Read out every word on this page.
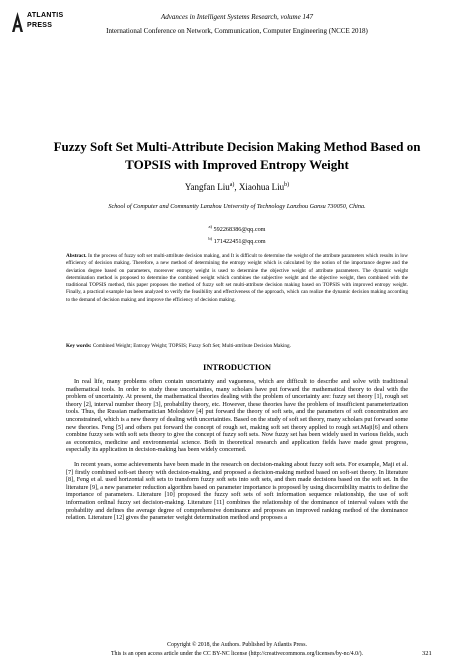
ATLANTIS
PRESS
Advances in Intelligent Systems Research, volume 147
International Conference on Network, Communication, Computer Engineering (NCCE 2018)
Fuzzy Soft Set Multi-Attribute Decision Making Method Based on TOPSIS with Improved Entropy Weight
Yangfan Liu$^{a)}$, Xiaohua Liu$^{b)}$
School of Computer and Community Lanzhou University of Technology Lanzhou Gansu 730050, China.
$^{a)}$ 592268386@qq.com
$^{b)}$ 171422451@qq.com
Abstract. In the process of fuzzy soft set multi-attribute decision making, and It is difficult to determine the weight of the attribute parameters which results in low efficiency of decision making. Therefore, a new method of determining the entropy weight which is calculated by the notion of the importance degree and the deviation degree based on parameters, moreover entropy weight is used to determine the objective weight of attribute parameters. The dynamic weight determination method is proposed to determine the combined weight which combines the subjective weight and the objective weight, then combined with the traditional TOPSIS method, this paper proposes the method of fuzzy soft set multi-attribute decision making based on TOPSIS with improved entropy weight. Finally, a practical example has been analyzed to verify the feasibility and effectiveness of the approach, which can realize the dynamic decision making according to the demand of decision making and improve the efficiency of decision making.
Key words: Combined Weight; Entropy Weight; TOPSIS; Fuzzy Soft Set; Multi-attribute Decision Making.
INTRODUCTION

In real life, many problems often contain uncertainty and vagueness, which are difficult to describe and solve with traditional mathematical tools. In order to study these uncertainties, many scholars have put forward the mathematical theory to deal with the problem of uncertainty. At present, the mathematical theories dealing with the problem of uncertainty are: fuzzy set theory [1], rough set theory [2], interval number theory [3], probability theory, etc. However, these theories have the problem of insufficient parameterization tools. Thus, the Russian mathematician Molodstov [4] put forward the theory of soft sets, and the parameters of soft concentration are unconstrained, which is a new theory of dealing with uncertainties. Based on the study of soft set theory, many scholars put forward some new theories. Feng [5] and others put forward the concept of rough set, making soft set theory applied to rough set.Maji[6] and others combine fuzzy sets with soft sets theory to give the concept of fuzzy soft sets. Now fuzzy set has been widely used in various fields, such as economics, medicine and environmental science. Both in theoretical research and application fields have made great progress, especially its application in decision-making has been widely concerned.

In recent years, some achievements have been made in the research on decision-making about fuzzy soft sets. For example, Maji et al. [7] firstly combined soft-set theory with decision-making, and proposed a decision-making method based on soft-set theory. In literature [8], Feng et al. used horizontal soft sets to transform fuzzy soft sets into soft sets, and then made decisions based on the soft set. In the literature [9], a new parameter reduction algorithm based on parameter importance is proposed by using discernibility matrix to define the importance of parameters. Literature [10] proposed the fuzzy soft sets of soft information sequence relationship, the use of soft information ordinal fuzzy set decision-making. Literature [11] combines the relationship of the dominance of interval values with the probability and defines the average degree of comprehensive dominance and proposes an improved ranking method of the dominance relation. Literature [12] gives the parameter weight determination method and proposes a

Copyright © 2018, the Authors. Published by Atlantis Press.
This is an open access article under the CC BY-NC license (http://creativecommons.org/licenses/by-nc/4.0/).	321
